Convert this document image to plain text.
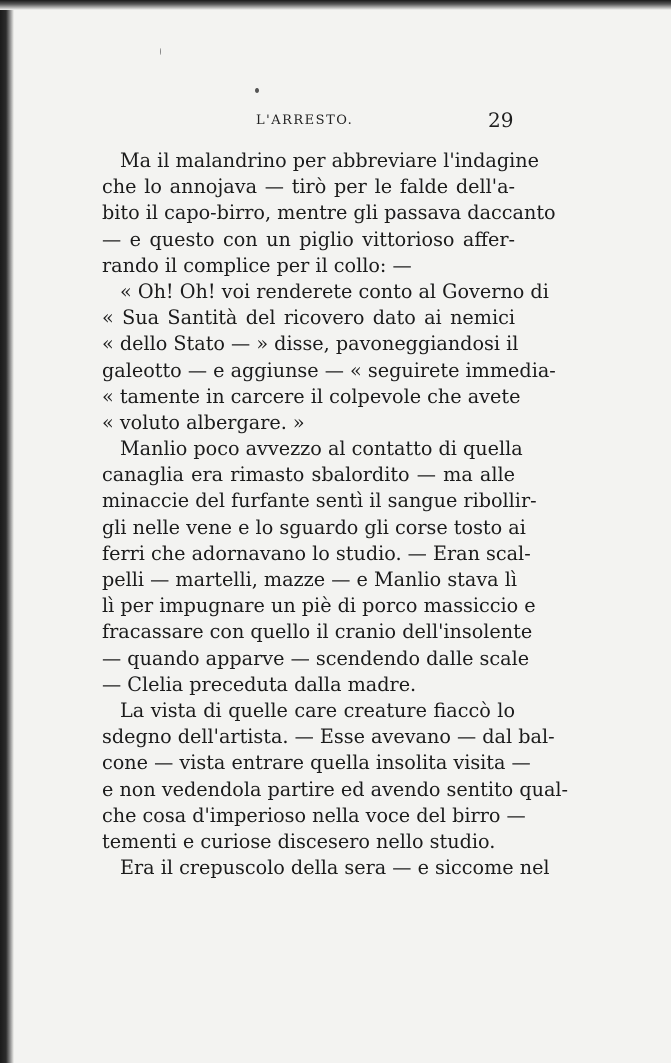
L'ARRESTO.	29
Ma il malandrino per abbreviare l'indagine
che lo annojava — tirò per le falde dell'a-
bito il capo-birro, mentre gli passava daccanto
— e questo con un piglio vittorioso affer-
rando il complice per il collo: —
« Oh! Oh! voi renderete conto al Governo di
« Sua Santità del ricovero dato ai nemici
« dello Stato — » disse, pavoneggiandosi il
galeotto — e aggiunse — « seguirete immedia-
« tamente in carcere il colpevole che avete
« voluto albergare. »
Manlio poco avvezzo al contatto di quella
canaglia era rimasto sbalordito — ma alle
minaccie del furfante sentì il sangue ribollir-
gli nelle vene e lo sguardo gli corse tosto ai
ferri che adornavano lo studio. — Eran scal-
pelli — martelli, mazze — e Manlio stava lì
lì per impugnare un piè di porco massiccio e
fracassare con quello il cranio dell'insolente
— quando apparve — scendendo dalle scale
— Clelia preceduta dalla madre.
La vista di quelle care creature fiaccò lo
sdegno dell'artista. — Esse avevano — dal bal-
cone — vista entrare quella insolita visita —
e non vedendola partire ed avendo sentito qual-
che cosa d'imperioso nella voce del birro —
tementi e curiose discesero nello studio.
Era il crepuscolo della sera — e siccome nel
